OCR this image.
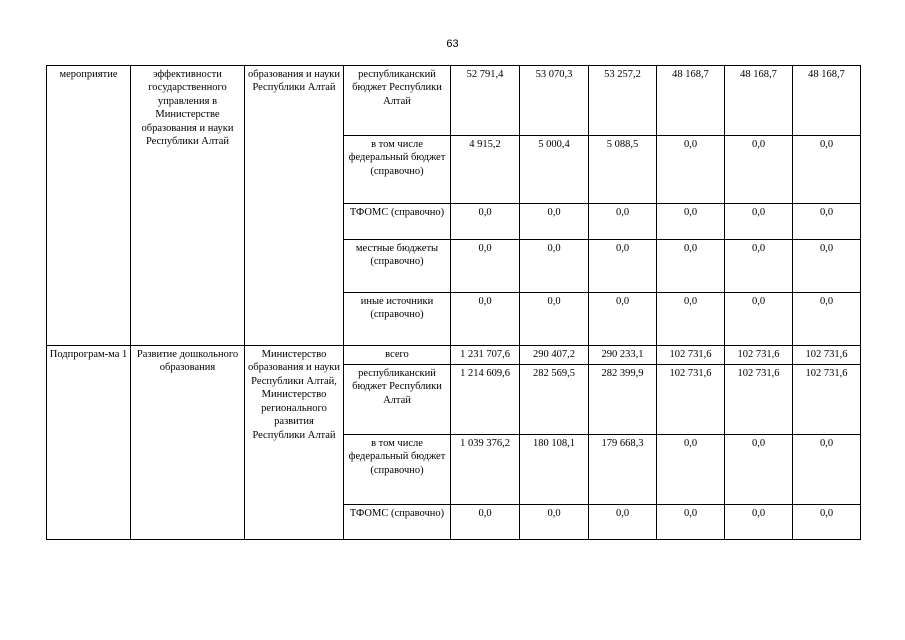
63
мероприятие	эффективности государственного управления в Министерстве образования и науки Республики Алтай	образования и науки Республики Алтай	республиканский бюджет Республики Алтай	52 791,4	53 070,3	53 257,2	48 168,7	48 168,7	48 168,7
			в том числе федеральный бюджет (справочно)	4 915,2	5 000,4	5 088,5	0,0	0,0	0,0
			ТФОМС (справочно)	0,0	0,0	0,0	0,0	0,0	0,0
			местные бюджеты (справочно)	0,0	0,0	0,0	0,0	0,0	0,0
			иные источники (справочно)	0,0	0,0	0,0	0,0	0,0	0,0
Подпрограм-ма 1	Развитие дошкольного образования	Министерство образования и науки Республики Алтай, Министерство регионального развития Республики Алтай	всего	1 231 707,6	290 407,2	290 233,1	102 731,6	102 731,6	102 731,6
			республиканский бюджет Республики Алтай	1 214 609,6	282 569,5	282 399,9	102 731,6	102 731,6	102 731,6
			в том числе федеральный бюджет (справочно)	1 039 376,2	180 108,1	179 668,3	0,0	0,0	0,0
			ТФОМС (справочно)	0,0	0,0	0,0	0,0	0,0	0,0
